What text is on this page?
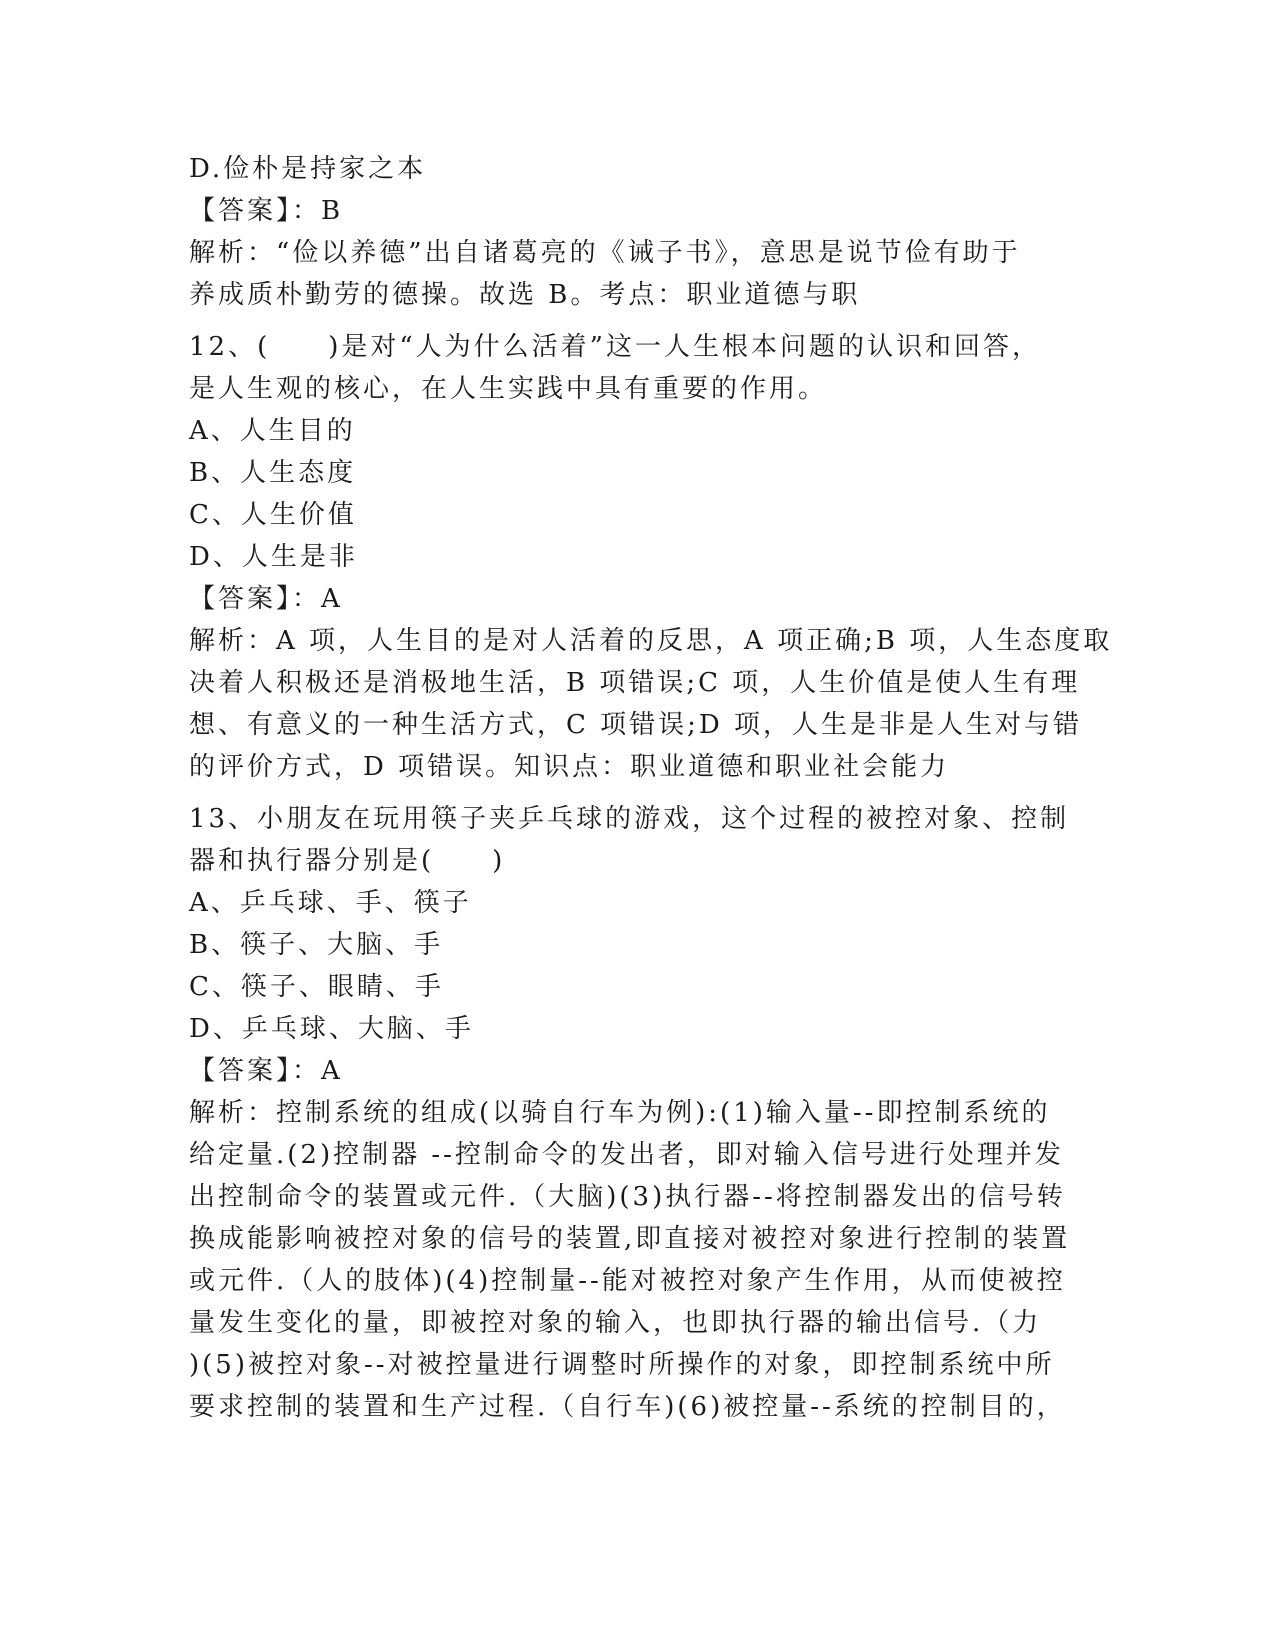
D.俭朴是持家之本
【答案】：B
解析：“俭以养德”出自诸葛亮的《诫子书》，意思是说节俭有助于
养成质朴勤劳的德操。故选 B。考点：职业道德与职
12、(　　)是对“人为什么活着”这一人生根本问题的认识和回答，
是人生观的核心，在人生实践中具有重要的作用。
A、人生目的
B、人生态度
C、人生价值
D、人生是非
【答案】：A
解析：A 项，人生目的是对人活着的反思，A 项正确;B 项，人生态度取
决着人积极还是消极地生活，B 项错误;C 项，人生价值是使人生有理
想、有意义的一种生活方式，C 项错误;D 项，人生是非是人生对与错
的评价方式，D 项错误。知识点：职业道德和职业社会能力
13、小朋友在玩用筷子夹乒乓球的游戏，这个过程的被控对象、控制
器和执行器分别是(　　)
A、乒乓球、手、筷子
B、筷子、大脑、手
C、筷子、眼睛、手
D、乒乓球、大脑、手
【答案】：A
解析：控制系统的组成(以骑自行车为例):(1)输入量--即控制系统的
给定量.(2)控制器 --控制命令的发出者，即对输入信号进行处理并发
出控制命令的装置或元件.（大脑)(3)执行器--将控制器发出的信号转
换成能影响被控对象的信号的装置,即直接对被控对象进行控制的装置
或元件.（人的肢体)(4)控制量--能对被控对象产生作用，从而使被控
量发生变化的量，即被控对象的输入，也即执行器的输出信号.（力
)(5)被控对象--对被控量进行调整时所操作的对象，即控制系统中所
要求控制的装置和生产过程.（自行车)(6)被控量--系统的控制目的，
